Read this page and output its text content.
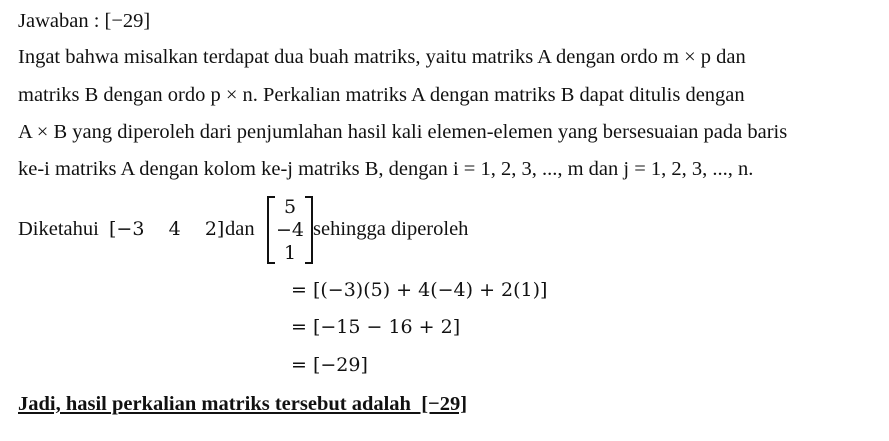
Jawaban : [−29]
Ingat bahwa misalkan terdapat dua buah matriks, yaitu matriks A dengan ordo m × p dan
matriks B dengan ordo p × n. Perkalian matriks A dengan matriks B dapat ditulis dengan
A × B yang diperoleh dari penjumlahan hasil kali elemen-elemen yang bersesuaian pada baris
ke-i matriks A dengan kolom ke-j matriks B, dengan i = 1, 2, 3, ..., m dan j = 1, 2, 3, ..., n.
Diketahui [−3    4    2] dan
5
−4
1
sehingga diperoleh
= [(−3)(5) + 4(−4) + 2(1)]
= [−15 − 16 + 2]
= [−29]
Jadi, hasil perkalian matriks tersebut adalah  [−29]
